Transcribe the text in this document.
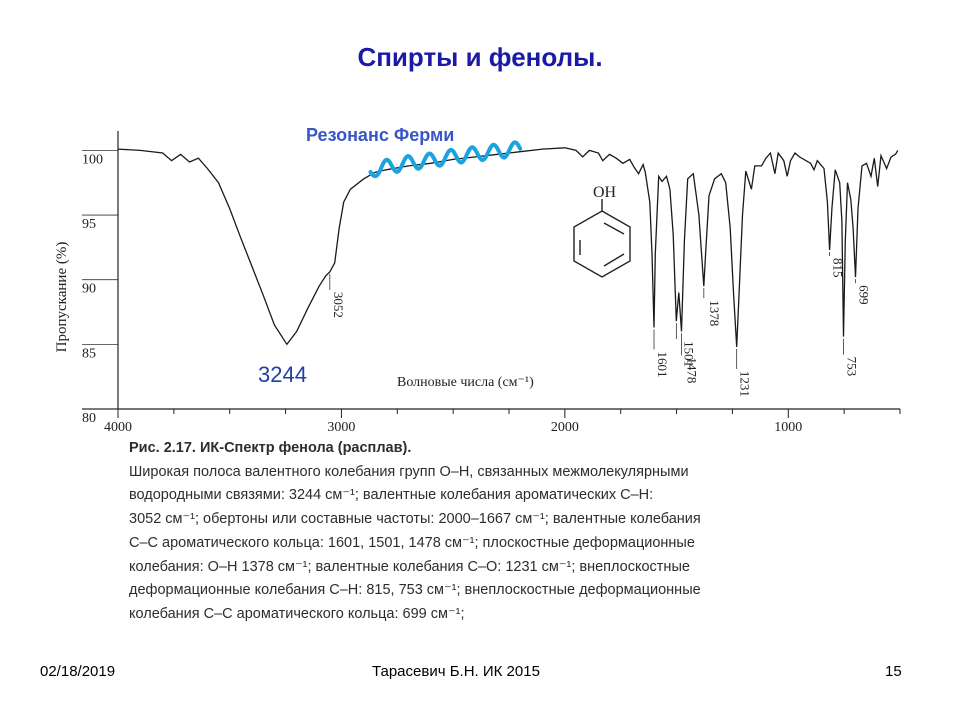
Спирты и фенолы.
100
95
90
85
80
4000	3000	2000	1000
Пропускание (%)
Волновые числа (см⁻¹)
Резонанс Ферми
3052
1601 1501
1478
1378
1231
815
753
699
3244
OH
Рис. 2.17. ИК-Спектр фенола (расплав).
Широкая полоса валентного колебания групп O–H, связанных межмолекулярными
водородными связями: 3244 см⁻¹; валентные колебания ароматических C–H:
3052 см⁻¹; обертоны или составные частоты: 2000–1667 см⁻¹; валентные колебания
C–C ароматического кольца: 1601, 1501, 1478 см⁻¹; плоскостные деформационные
колебания: O–H 1378 см⁻¹; валентные колебания C–O: 1231 см⁻¹; внеплоскостные
деформационные колебания C–H: 815, 753 см⁻¹; внеплоскостные деформационные
колебания C–C ароматического кольца: 699 см⁻¹;
02/18/2019	Тарасевич Б.Н. ИК 2015	15
